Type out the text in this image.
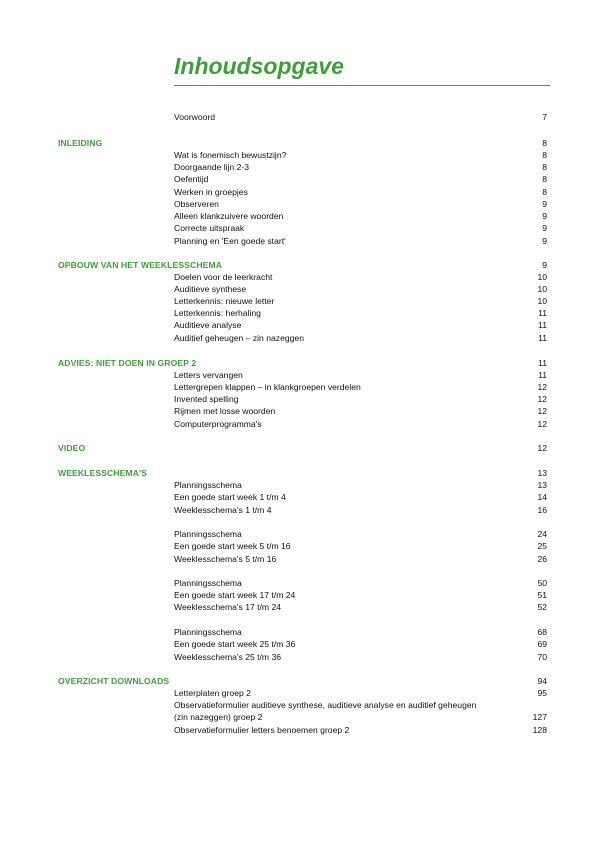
Inhoudsopgave
Voorwoord	7
INLEIDING	8
Wat is fonemisch bewustzijn?	8
Doorgaande lijn 2-3	8
Oefentijd	8
Werken in groepjes	8
Observeren	9
Alleen klankzuivere woorden	9
Correcte uitspraak	9
Planning en 'Een goede start'	9
OPBOUW VAN HET WEEKLESSCHEMA	9
Doelen voor de leerkracht	10
Auditieve synthese	10
Letterkennis: nieuwe letter	10
Letterkennis: herhaling	11
Auditieve analyse	11
Auditief geheugen – zin nazeggen	11
ADVIES: NIET DOEN IN GROEP 2	11
Letters vervangen	11
Lettergrepen klappen – in klankgroepen verdelen	12
Invented spelling	12
Rijmen met losse woorden	12
Computerprogramma's	12
VIDEO	12
WEEKLESSCHEMA'S	13
Planningsschema	13
Een goede start week 1 t/m 4	14
Weeklesschema's 1 t/m 4	16
Planningsschema	24
Een goede start week 5 t/m 16	25
Weeklesschema's 5 t/m 16	26
Planningsschema	50
Een goede start week 17 t/m 24	51
Weeklesschema's 17 t/m 24	52
Planningsschema	68
Een goede start week 25 t/m 36	69
Weeklesschema's 25 t/m 36	70
OVERZICHT DOWNLOADS	94
Letterplaten groep 2	95
Observatieformulier auditieve synthese, auditieve analyse en auditief geheugen
(zin nazeggen) groep 2	127
Observatieformulier letters benoemen groep 2	128
